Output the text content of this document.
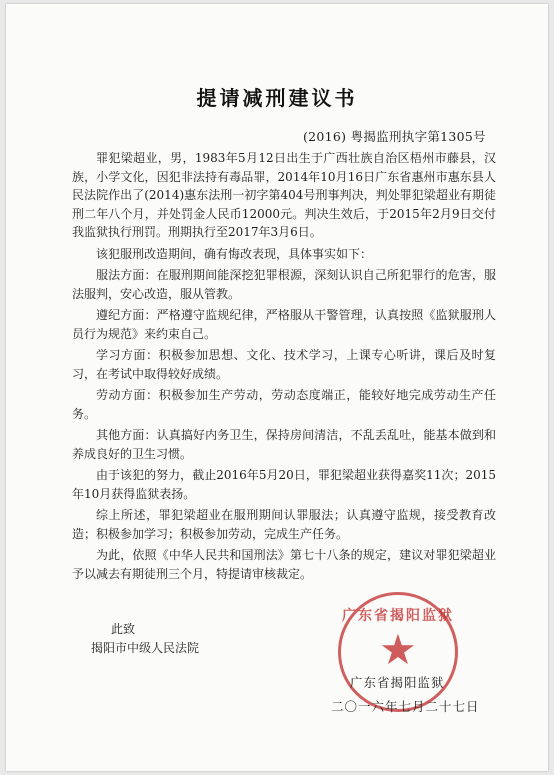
提请减刑建议书
(2016) 粤揭监刑执字第1305号

罪犯梁超业，男，1983年5月12日出生于广西壮族自治区梧州市藤县，汉族，小学文化，因犯非法持有毒品罪，2014年10月16日广东省惠州市惠东县人民法院作出了(2014)惠东法刑一初字第404号刑事判决，判处罪犯梁超业有期徒刑二年八个月，并处罚金人民币12000元。判决生效后，于2015年2月9日交付我监狱执行刑罚。刑期执行至2017年3月6日。

该犯服刑改造期间，确有悔改表现，具体事实如下：

服法方面：在服刑期间能深挖犯罪根源，深刻认识自己所犯罪行的危害，服法服判，安心改造，服从管教。

遵纪方面：严格遵守监规纪律，严格服从干警管理，认真按照《监狱服刑人员行为规范》来约束自己。

学习方面：积极参加思想、文化、技术学习，上课专心听讲，课后及时复习，在考试中取得较好成绩。

劳动方面：积极参加生产劳动，劳动态度端正，能较好地完成劳动生产任务。

其他方面：认真搞好内务卫生，保持房间清洁，不乱丢乱吐，能基本做到和养成良好的卫生习惯。

由于该犯的努力，截止2016年5月20日，罪犯梁超业获得嘉奖11次；2015年10月获得监狱表扬。

综上所述，罪犯梁超业在服刑期间认罪服法；认真遵守监规，接受教育改造；积极参加学习；积极参加劳动，完成生产任务。

为此，依照《中华人民共和国刑法》第七十八条的规定，建议对罪犯梁超业予以减去有期徒刑三个月，特提请审核裁定。

此致
揭阳市中级人民法院
广东省揭阳监狱
★
广东省揭阳监狱
二〇一六年七月二十七日
